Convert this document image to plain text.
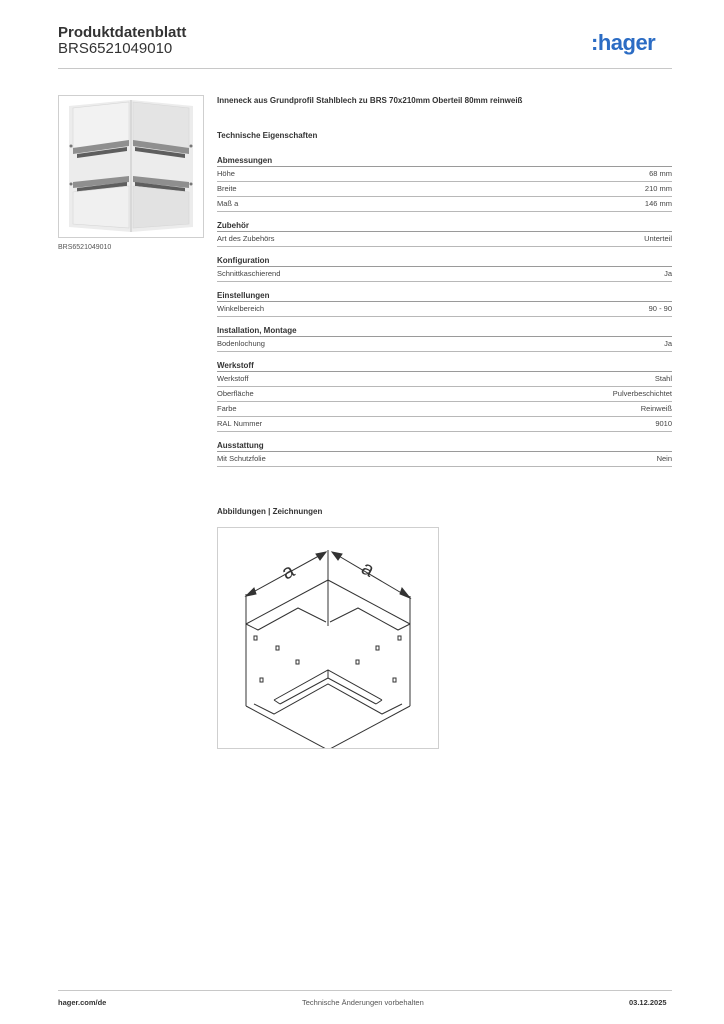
Produktdatenblatt
BRS6521049010	:hager
BRS6521049010
Inneneck aus Grundprofil Stahlblech zu BRS 70x210mm Oberteil 80mm reinweiß
Technische Eigenschaften
Abmessungen
Höhe	68 mm
Breite	210 mm
Maß a	146 mm
Zubehör
Art des Zubehörs	Unterteil
Konfiguration
Schnittkaschierend	Ja
Einstellungen
Winkelbereich	90 - 90
Installation, Montage
Bodenlochung	Ja
Werkstoff
Werkstoff	Stahl
Oberfläche	Pulverbeschichtet
Farbe	Reinweiß
RAL Nummer	9010
Ausstattung
Mit Schutzfolie	Nein
Abbildungen | Zeichnungen
a	a
hager.com/de	Technische Änderungen vorbehalten	03.12.2025
